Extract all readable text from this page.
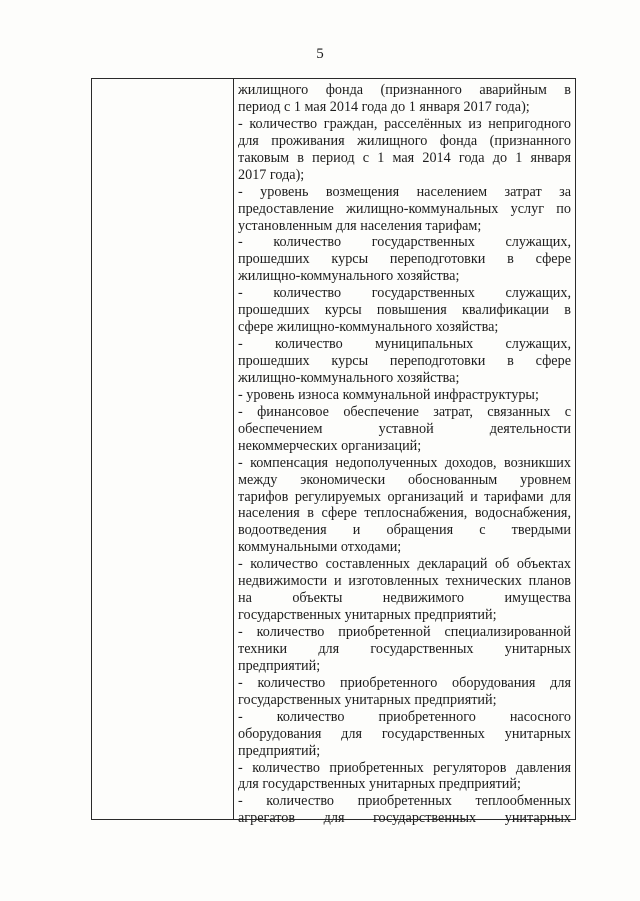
5
жилищного фонда (признанного аварийным в
период с 1 мая 2014 года до 1 января 2017 года);
- количество граждан, расселённых из непригодного
для проживания жилищного фонда (признанного
таковым в период с 1 мая 2014 года до 1 января
2017 года);
- уровень возмещения населением затрат за
предоставление жилищно-коммунальных услуг по
установленным для населения тарифам;
- количество государственных служащих,
прошедших курсы переподготовки в сфере
жилищно-коммунального хозяйства;
- количество государственных служащих,
прошедших курсы повышения квалификации в
сфере жилищно-коммунального хозяйства;
- количество муниципальных служащих,
прошедших курсы переподготовки в сфере
жилищно-коммунального хозяйства;
- уровень износа коммунальной инфраструктуры;
- финансовое обеспечение затрат, связанных с
обеспечением уставной деятельности
некоммерческих организаций;
- компенсация недополученных доходов, возникших
между экономически обоснованным уровнем
тарифов регулируемых организаций и тарифами для
населения в сфере теплоснабжения, водоснабжения,
водоотведения и обращения с твердыми
коммунальными отходами;
- количество составленных деклараций об объектах
недвижимости и изготовленных технических планов
на объекты недвижимого имущества
государственных унитарных предприятий;
- количество приобретенной специализированной
техники для государственных унитарных
предприятий;
- количество приобретенного оборудования для
государственных унитарных предприятий;
- количество приобретенного насосного
оборудования для государственных унитарных
предприятий;
- количество приобретенных регуляторов давления
для государственных унитарных предприятий;
- количество приобретенных теплообменных
агрегатов для государственных унитарных
